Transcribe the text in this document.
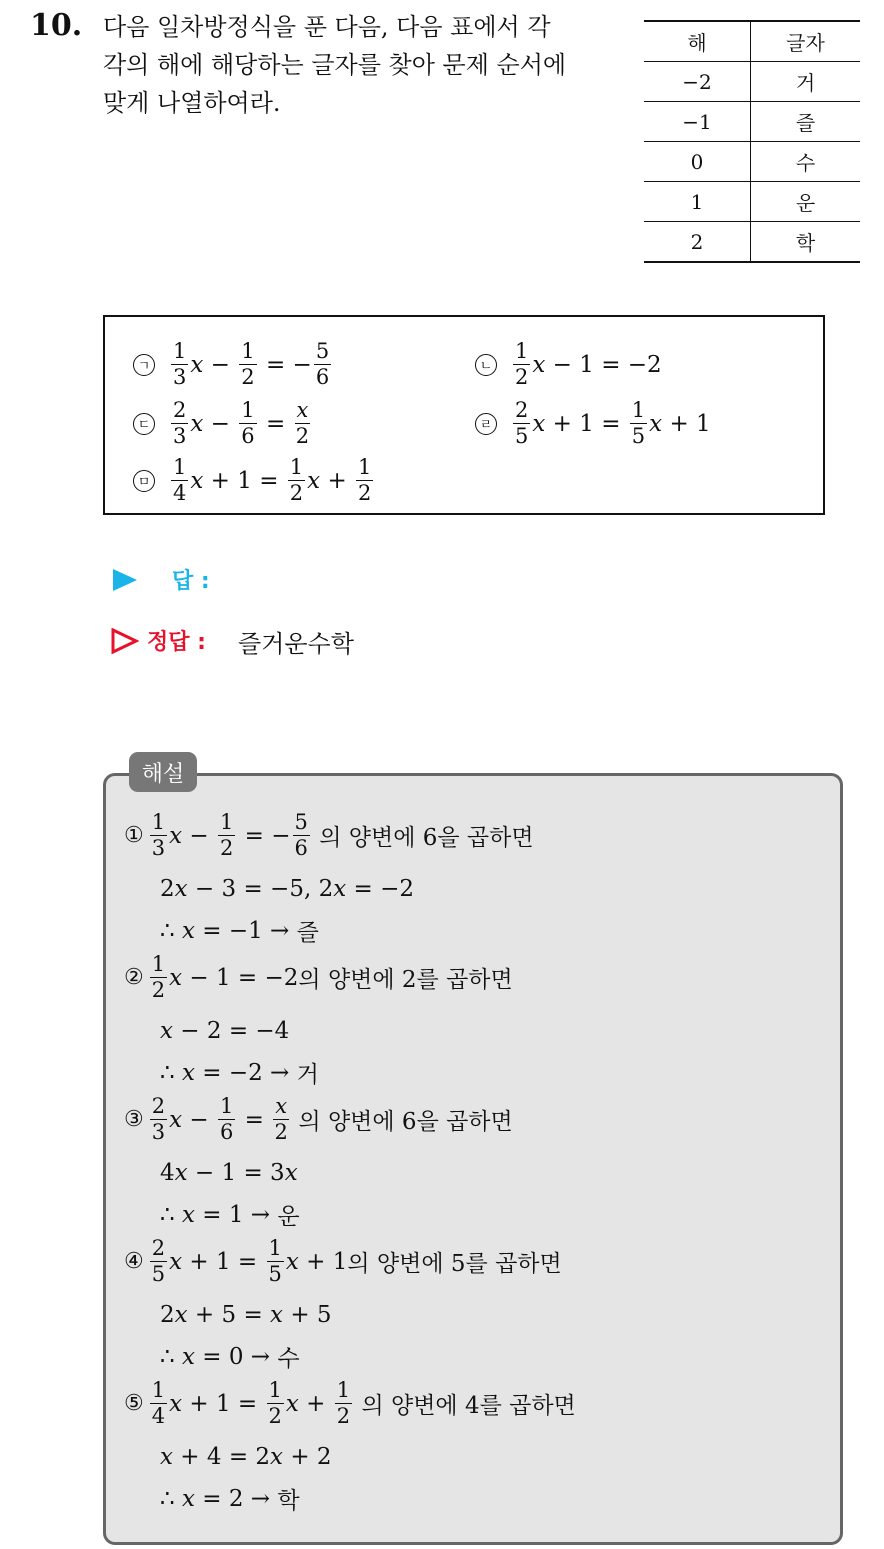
10. 다음 일차방정식을 푼 다음, 다음 표에서 각
각의 해에 해당하는 글자를 찾아 문제 순서에
맞게 나열하여라.
해	글자
−2	거
−1	즐
0	수
1	운
2	학
ㄱ $\frac{1}{3}$ $x - \frac{1}{2}$ = − $\frac{5}{6}$	ㄴ $\frac{1}{2}$ x − 1 = −2
ㄷ $\frac{2}{3}$ $x - \frac{1}{6} = \frac{x}{2}$	ㄹ $\frac{2}{5}$ $x + 1 = \frac{1}{5}$ x + 1
ㅁ $\frac{1}{4}$ $x + 1 = \frac{1}{2}$ $x + \frac{1}{2}$
답 :
정답 : 즐거운수학
해설
① $\frac{1}{3}$ $x - \frac{1}{2}$ = − $\frac{5}{6}$
의 양변에 6을 곱하면
2 x − 3 = −5, 2 x = −2
∴ x = −1 → 즐
② $\frac{1}{2}$ x − 1 = −2 의 양변에 2를 곱하면
x − 2 = −4
∴ x = −2 → 거
③ $\frac{2}{3}$ $x - \frac{1}{6} = \frac{x}{2}$
의 양변에 6을 곱하면
4 x − 1 = 3 x
∴ x = 1 → 운
④ $\frac{2}{5}$ $x + 1 = \frac{1}{5}$ x + 1 의 양변에 5를 곱하면
2 x + 5 = x + 5
∴ x = 0 → 수
⑤ $\frac{1}{4}$ $x + 1 = \frac{1}{2}$ $x + \frac{1}{2}$
의 양변에 4를 곱하면
x + 4 = 2 x + 2
∴ x = 2 → 학
